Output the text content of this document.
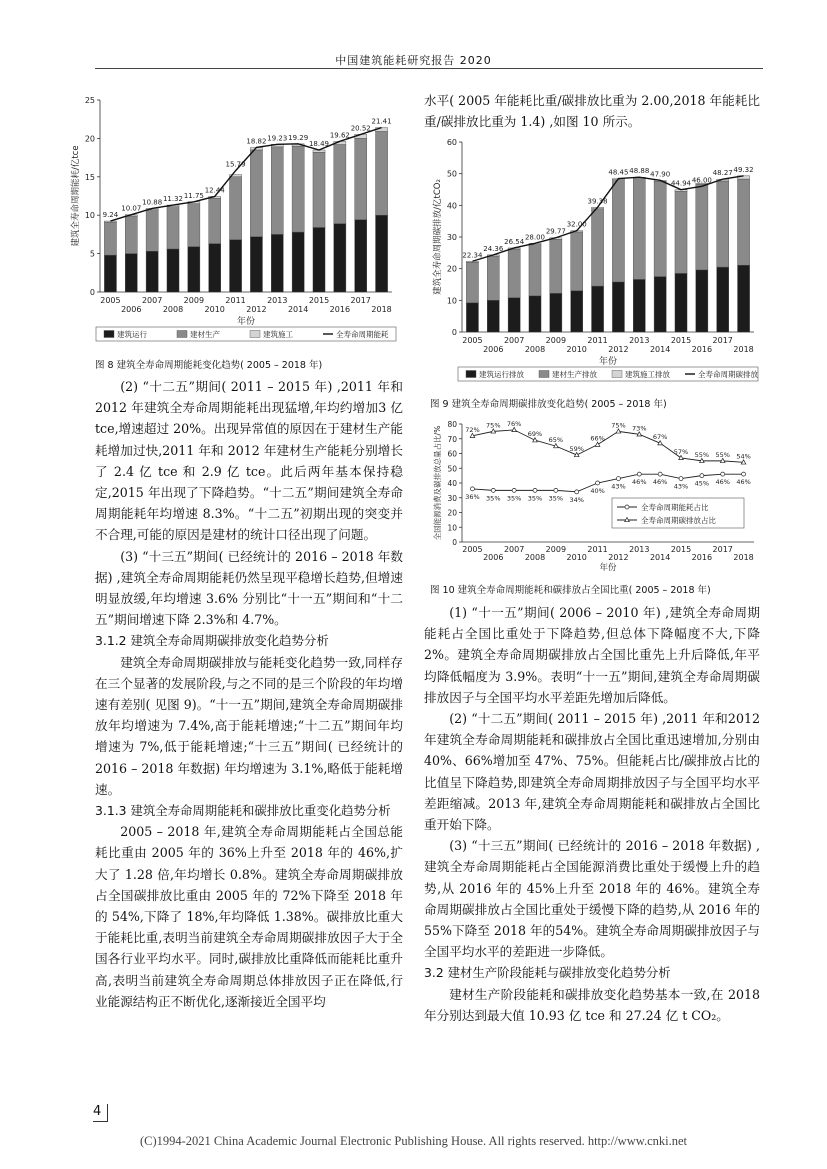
中国建筑能耗研究报告 2020
0
5
10
15
20
25
9.24
2005
10.07
2006
10.88
2007
11.32
2008
11.75
2009
12.44
2010
15.79
2011
18.82
2012
19.23
2013
19.29
2014
18.49
2015
19.62
2016
20.52
2017
21.41
2018
年份
建筑全寿命周期能耗/亿tce
建筑运行	建材生产	建筑施工	全寿命周期能耗
图 8 建筑全寿命周期能耗变化趋势( 2005 – 2018 年)

水平( 2005 年能耗比重/碳排放比重为 2.00,2018 年能耗比重/碳排放比重为 1.4) ,如图 10 所示。

0
10
20
30
40
50
60
22.34
2005
24.36
2006
26.54
2007
28.00
2008
29.77
2009
32.00
2010
39.38
2011
48.45
2012
48.88
2013
47.90
2014
44.94
2015
46.00
2016
48.27
2017
49.32
2018
年份
建筑全寿命周期碳排放/亿tCO₂
建筑运行排放	建材生产排放	建筑施工排放	全寿命周期碳排放
图 9 建筑全寿命周期碳排放变化趋势( 2005 – 2018 年)
0
10
20
30
40
50
60
70
80
2005
2006
2007
2008
2009
2010
2011
2012
2013
2014
2015
2016
2017
2018
36% 35% 35% 35% 35% 34%
40%
43%
46% 46%
43% 45% 46% 46%
72%
75% 76%
69%
65%
59%
66%
75% 73%
67%
57% 55% 55% 54%
年份
全国能源消费及碳排放总量占比/%	全寿命周期能耗占比
全寿命周期碳排放占比
图 10 建筑全寿命周期能耗和碳排放占全国比重( 2005 – 2018 年)

(2) “十二五”期间( 2011 – 2015 年) ,2011 年和2012 年建筑全寿命周期能耗出现猛增,年均约增加3 亿 tce,增速超过 20%。出现异常值的原因在于建材生产能耗增加过快,2011 年和 2012 年建材生产能耗分别增长了 2.4 亿 tce 和 2.9 亿 tce。此后两年基本保持稳定,2015 年出现了下降趋势。“十二五”期间建筑全寿命周期能耗年均增速 8.3%。“十二五”初期出现的突变并不合理,可能的原因是建材的统计口径出现了问题。

(3) “十三五”期间( 已经统计的 2016 – 2018 年数据) ,建筑全寿命周期能耗仍然呈现平稳增长趋势,但增速明显放缓,年均增速 3.6% 分别比“十一五”期间和“十二五”期间增速下降 2.3%和 4.7%。

3.1.2 建筑全寿命周期碳排放变化趋势分析

建筑全寿命周期碳排放与能耗变化趋势一致,同样存在三个显著的发展阶段,与之不同的是三个阶段的年均增速有差别( 见图 9)。“十一五”期间,建筑全寿命周期碳排放年均增速为 7.4%,高于能耗增速;“十二五”期间年均增速为 7%,低于能耗增速;“十三五”期间( 已经统计的 2016 – 2018 年数据) 年均增速为 3.1%,略低于能耗增速。

3.1.3 建筑全寿命周期能耗和碳排放比重变化趋势分析

2005 – 2018 年,建筑全寿命周期能耗占全国总能耗比重由 2005 年的 36%上升至 2018 年的 46%,扩大了 1.28 倍,年均增长 0.8%。建筑全寿命周期碳排放占全国碳排放比重由 2005 年的 72%下降至 2018 年的 54%,下降了 18%,年均降低 1.38%。碳排放比重大于能耗比重,表明当前建筑全寿命周期碳排放因子大于全国各行业平均水平。同时,碳排放比重降低而能耗比重升高,表明当前建筑全寿命周期总体排放因子正在降低,行业能源结构正不断优化,逐渐接近全国平均

(1) “十一五”期间( 2006 – 2010 年) ,建筑全寿命周期能耗占全国比重处于下降趋势,但总体下降幅度不大,下降 2%。建筑全寿命周期碳排放占全国比重先上升后降低,年平均降低幅度为 3.9%。表明“十一五”期间,建筑全寿命周期碳排放因子与全国平均水平差距先增加后降低。

(2) “十二五”期间( 2011 – 2015 年) ,2011 年和2012 年建筑全寿命周期能耗和碳排放占全国比重迅速增加,分别由 40%、66%增加至 47%、75%。但能耗占比/碳排放占比的比值呈下降趋势,即建筑全寿命周期排放因子与全国平均水平差距缩减。2013 年,建筑全寿命周期能耗和碳排放占全国比重开始下降。

(3) “十三五”期间( 已经统计的 2016 – 2018 年数据) ,建筑全寿命周期能耗占全国能源消费比重处于缓慢上升的趋势,从 2016 年的 45%上升至 2018 年的 46%。建筑全寿命周期碳排放占全国比重处于缓慢下降的趋势,从 2016 年的 55%下降至 2018 年的54%。建筑全寿命周期碳排放因子与全国平均水平的差距进一步降低。

3.2 建材生产阶段能耗与碳排放变化趋势分析

建材生产阶段能耗和碳排放变化趋势基本一致,在 2018 年分别达到最大值 10.93 亿 tce 和 27.24 亿 t CO₂。

4
(C)1994-2021 China Academic Journal Electronic Publishing House. All rights reserved. http://www.cnki.net
